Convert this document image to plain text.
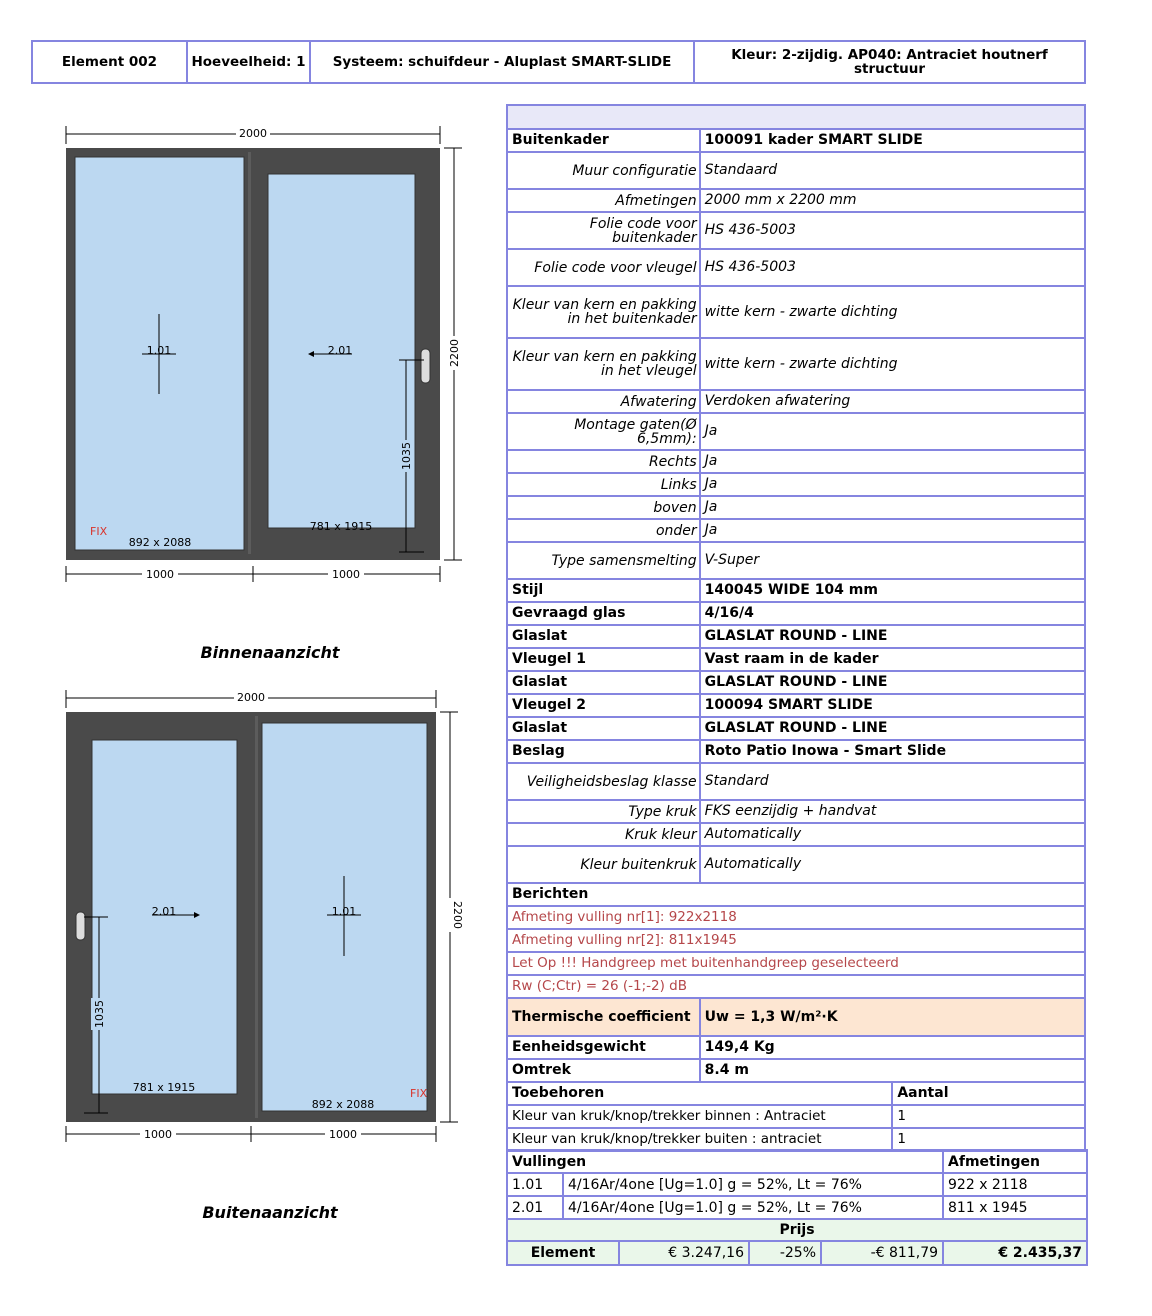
Element 002	Hoeveelheid: 1	Systeem: schuifdeur - Aluplast SMART-SLIDE	Kleur: 2-zijdig. AP040: Antraciet houtnerf structuur
2000
1.01	2.01
1035
FIX
892 x 2088
781 x 1915
2200
1000	1000
Binnenaanzicht
2000
2.01	1.01
1035
781 x 1915
892 x 2088
FIX
2200
1000	1000
Buitenaanzicht

Buitenkader	100091 kader SMART SLIDE	
Muur configuratie	Standaard	
Afmetingen	2000 mm x 2200 mm	
Folie code voor buitenkader	HS 436-5003	
Folie code voor vleugel	HS 436-5003	
Kleur van kern en pakking in het buitenkader	witte kern - zwarte dichting	
Kleur van kern en pakking in het vleugel	witte kern - zwarte dichting	
Afwatering	Verdoken afwatering	
Montage gaten(Ø 6,5mm):	Ja	
Rechts	Ja	
Links	Ja	
boven	Ja	
onder	Ja	
Type samensmelting	V-Super	
Stijl	140045 WIDE 104 mm	
Gevraagd glas	4/16/4	
Glaslat	GLASLAT ROUND - LINE	
Vleugel 1	Vast raam in de kader	
Glaslat	GLASLAT ROUND - LINE	
Vleugel 2	100094 SMART SLIDE	
Glaslat	GLASLAT ROUND - LINE	
Beslag	Roto Patio Inowa - Smart Slide	
Veiligheidsbeslag klasse	Standard	
Type kruk	FKS eenzijdig + handvat	
Kruk kleur	Automatically	
Kleur buitenkruk	Automatically	
Berichten		
Afmeting vulling nr[1]: 922x2118		
Afmeting vulling nr[2]: 811x1945		
Let Op !!! Handgreep met buitenhandgreep geselecteerd		
Rw (C;Ctr) = 26 (-1;-2) dB		
Thermische coefficient	Uw = 1,3 W/m²·K	
Eenheidsgewicht	149,4 Kg	
Omtrek	8.4 m	
Toebehoren		Aantal
Kleur van kruk/knop/trekker binnen : Antraciet		1
Kleur van kruk/knop/trekker buiten : antraciet		1
Vullingen					Afmetingen
1.01	4/16Ar/4one [Ug=1.0] g = 52%, Lt = 76%				922 x 2118
2.01	4/16Ar/4one [Ug=1.0] g = 52%, Lt = 76%				811 x 1945
Prijs					
Element		€ 3.247,16	-25%	-€ 811,79	€ 2.435,37
